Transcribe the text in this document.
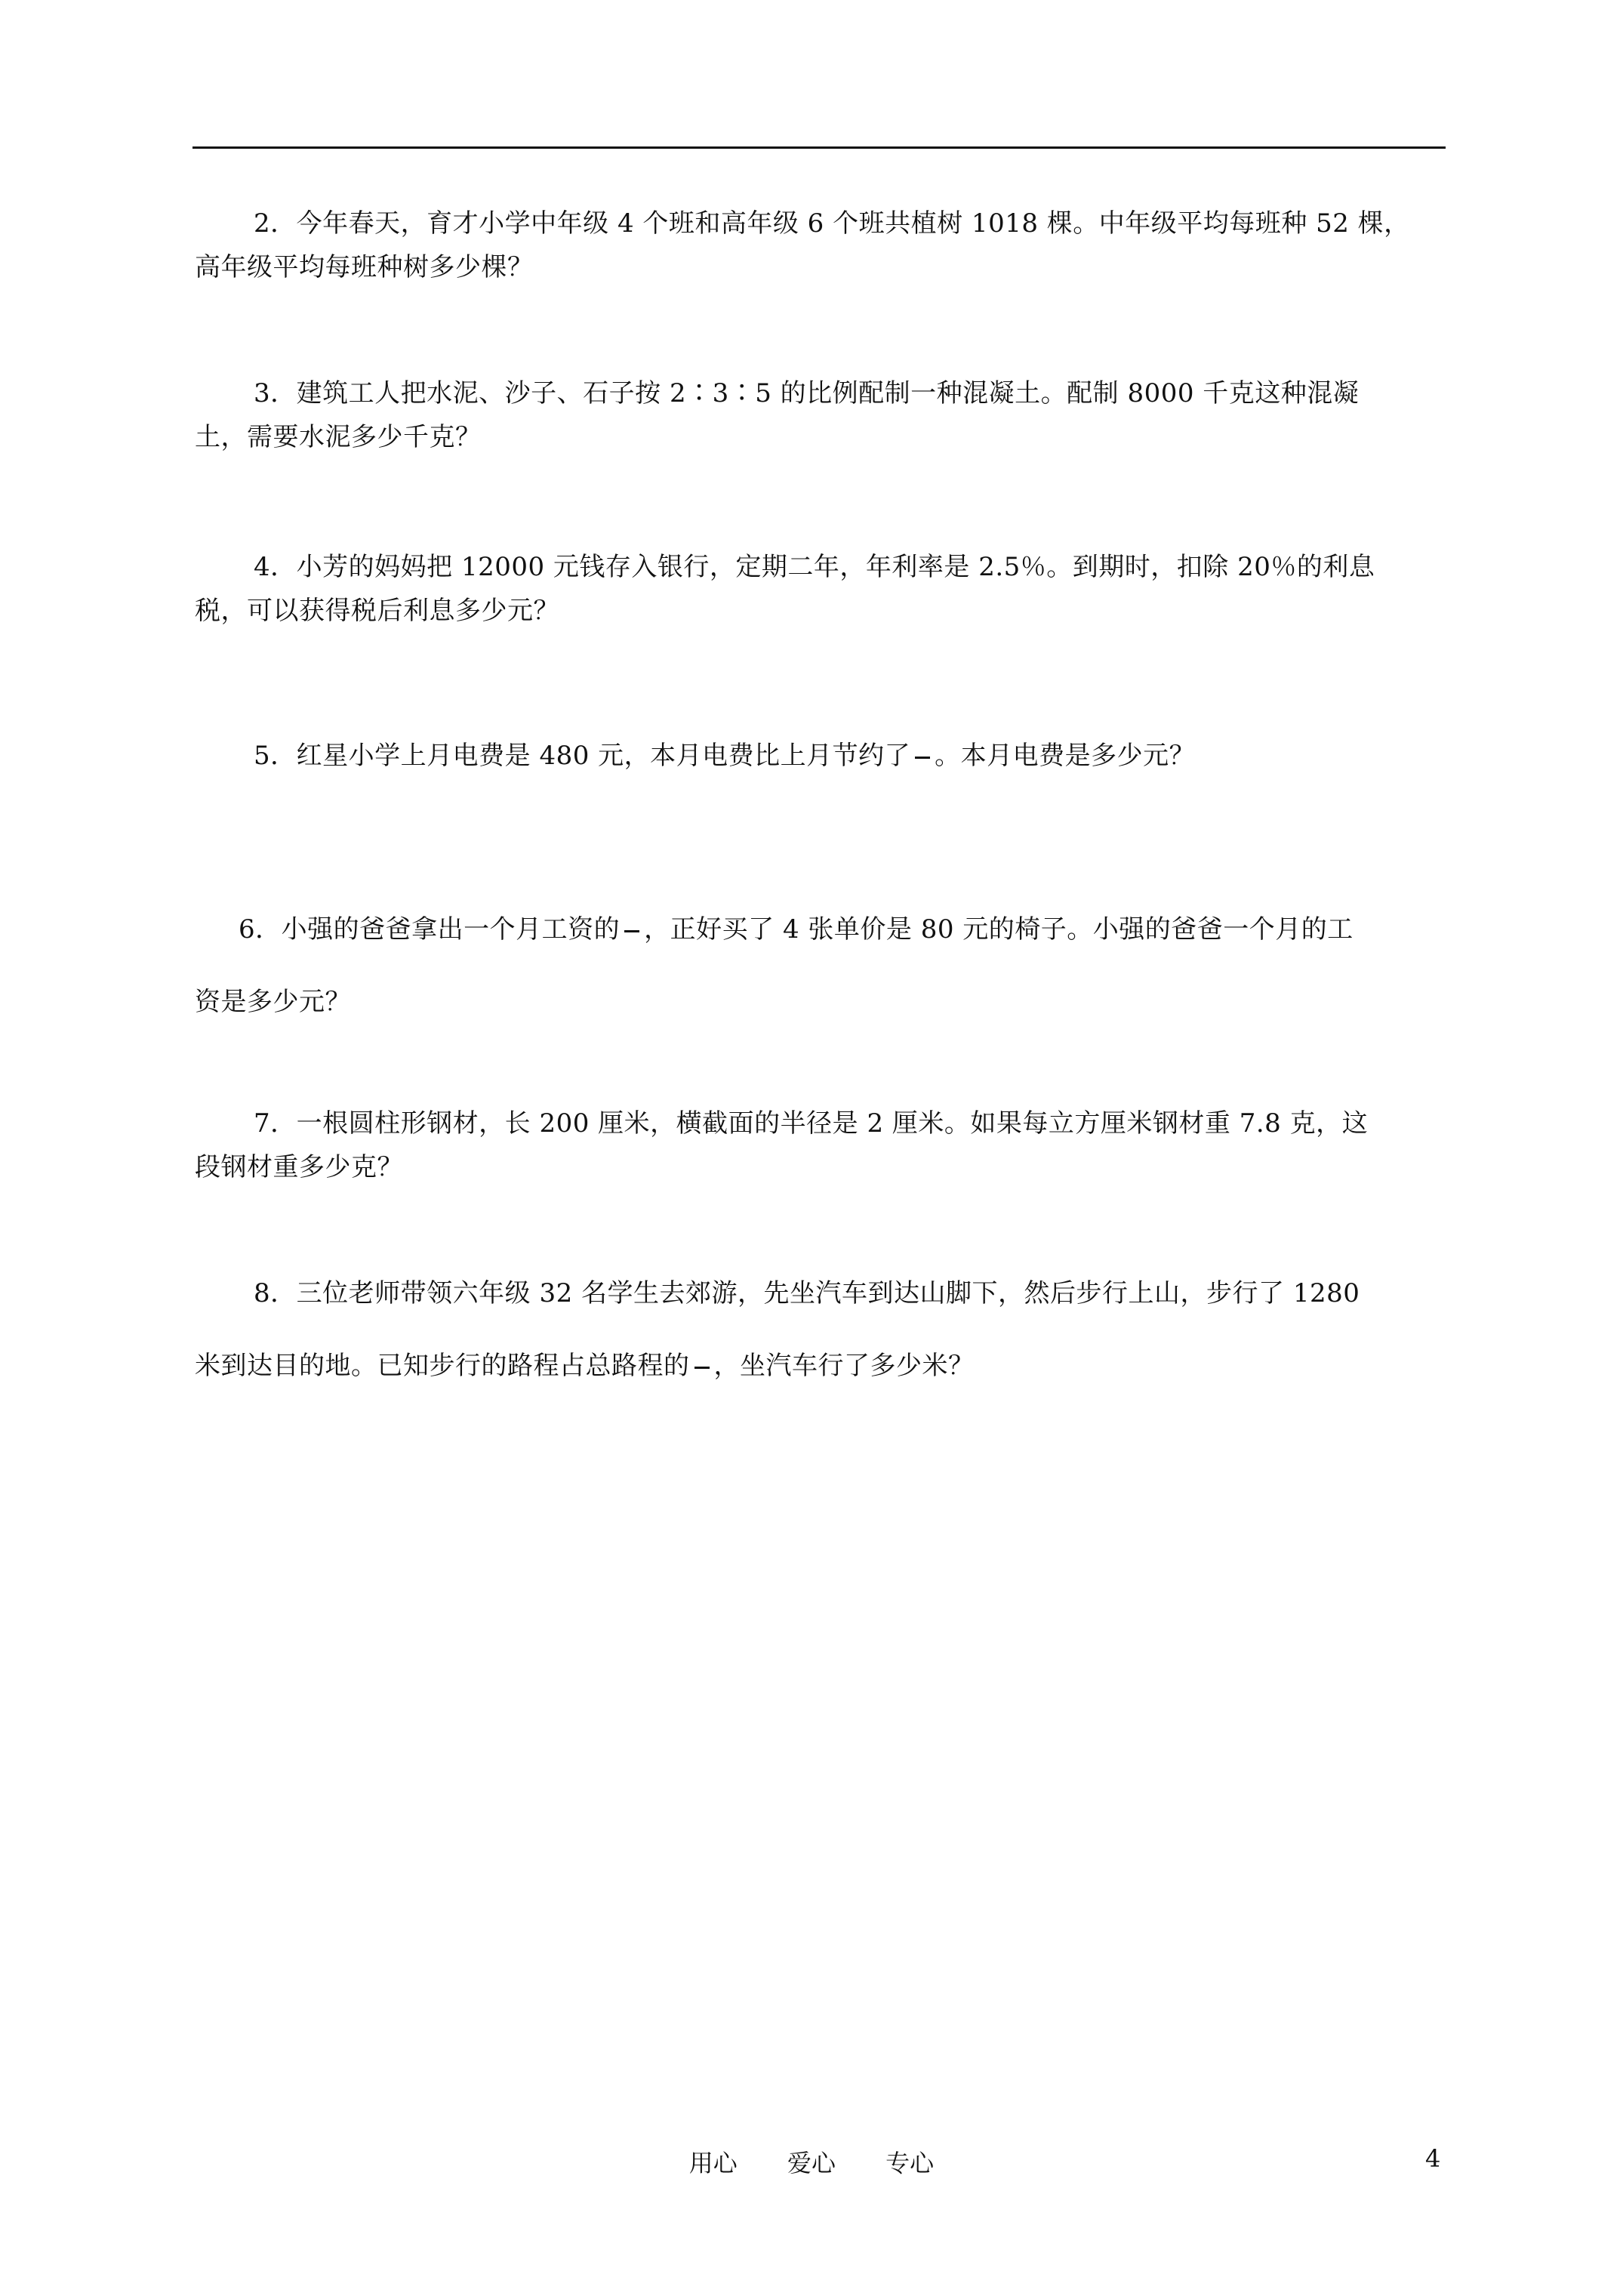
2．今年春天，育才小学中年级 4 个班和高年级 6 个班共植树 1018 棵。中年级平均每班种 52 棵，
高年级平均每班种树多少棵？
3．建筑工人把水泥、沙子、石子按 2∶3∶5 的比例配制一种混凝土。配制 8000 千克这种混凝
土，需要水泥多少千克？
4．小芳的妈妈把 12000 元钱存入银行，定期二年，年利率是 2.5％。到期时，扣除 20％的利息
税，可以获得税后利息多少元？
5．红星小学上月电费是 480 元，本月电费比上月节约了 。本月电费是多少元？
6．小强的爸爸拿出一个月工资的 ，正好买了 4 张单价是 80 元的椅子。小强的爸爸一个月的工
资是多少元？
7．一根圆柱形钢材，长 200 厘米，横截面的半径是 2 厘米。如果每立方厘米钢材重 7.8 克，这
段钢材重多少克？
8．三位老师带领六年级 32 名学生去郊游，先坐汽车到达山脚下，然后步行上山，步行了 1280
米到达目的地。已知步行的路程占总路程的 ，坐汽车行了多少米？
用心 爱心 专心	4
